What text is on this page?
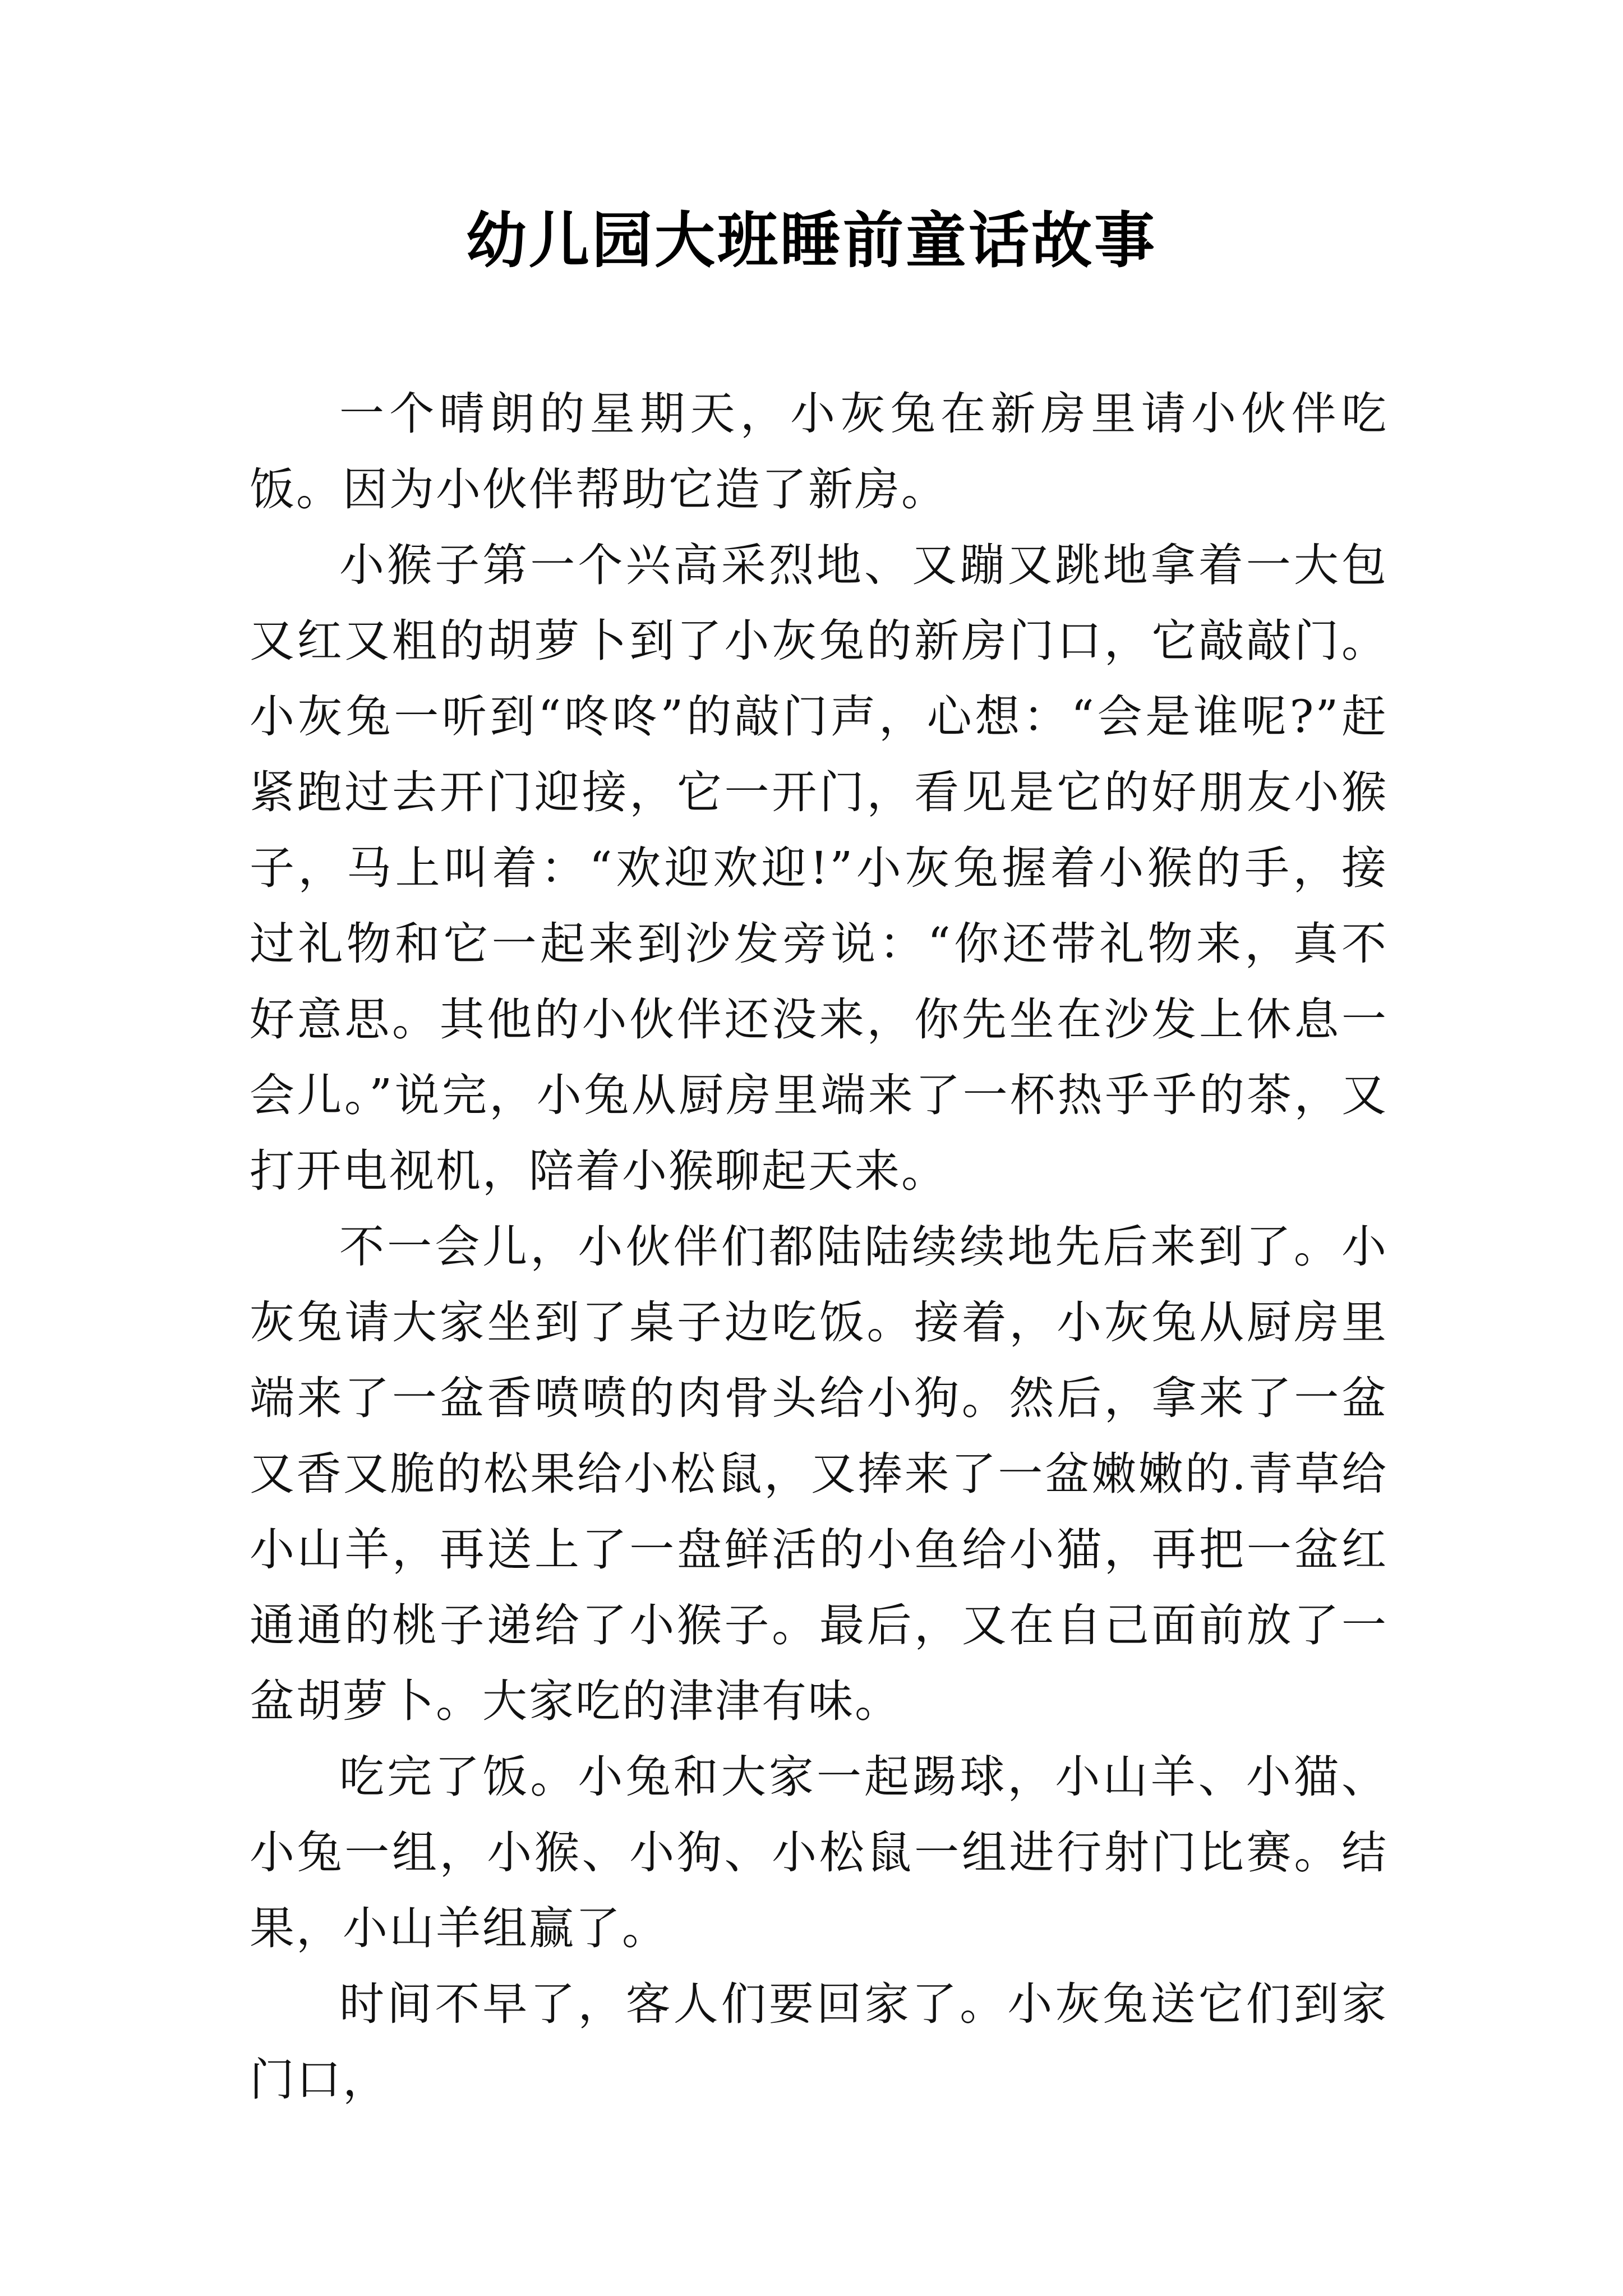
幼儿园大班睡前童话故事

一个晴朗的星期天，小灰兔在新房里请小伙伴吃饭。因为小伙伴帮助它造了新房。

小猴子第一个兴高采烈地、又蹦又跳地拿着一大包又红又粗的胡萝卜到了小灰兔的新房门口，它敲敲门。小灰兔一听到“咚咚”的敲门声，心想：“会是谁呢?”赶紧跑过去开门迎接，它一开门，看见是它的好朋友小猴子，马上叫着：“欢迎欢迎!”小灰兔握着小猴的手，接过礼物和它一起来到沙发旁说：“你还带礼物来，真不好意思。其他的小伙伴还没来，你先坐在沙发上休息一会儿。”说完，小兔从厨房里端来了一杯热乎乎的茶，又打开电视机，陪着小猴聊起天来。

不一会儿，小伙伴们都陆陆续续地先后来到了。小灰兔请大家坐到了桌子边吃饭。接着，小灰兔从厨房里端来了一盆香喷喷的肉骨头给小狗。然后，拿来了一盆又香又脆的松果给小松鼠，又捧来了一盆嫩嫩的.青草给小山羊，再送上了一盘鲜活的小鱼给小猫，再把一盆红通通的桃子递给了小猴子。最后，又在自己面前放了一盆胡萝卜。大家吃的津津有味。

吃完了饭。小兔和大家一起踢球，小山羊、小猫、小兔一组，小猴、小狗、小松鼠一组进行射门比赛。结果，小山羊组赢了。

时间不早了，客人们要回家了。小灰兔送它们到家门口，
